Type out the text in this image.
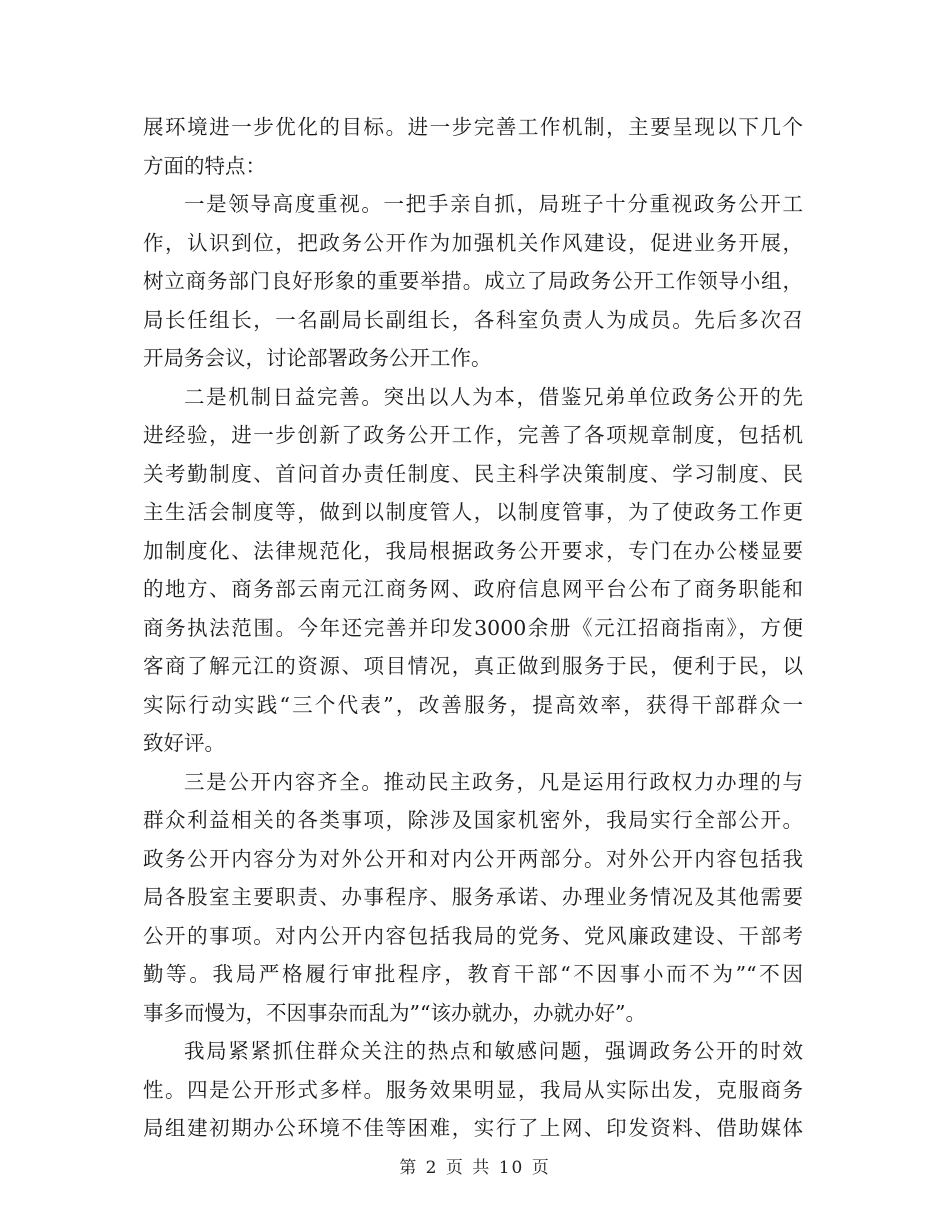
展环境进一步优化的目标。进一步完善工作机制，主要呈现以下几个
方面的特点：
一是领导高度重视。一把手亲自抓，局班子十分重视政务公开工
作，认识到位，把政务公开作为加强机关作风建设，促进业务开展，
树立商务部门良好形象的重要举措。成立了局政务公开工作领导小组，
局长任组长，一名副局长副组长，各科室负责人为成员。先后多次召
开局务会议，讨论部署政务公开工作。
二是机制日益完善。突出以人为本，借鉴兄弟单位政务公开的先
进经验，进一步创新了政务公开工作，完善了各项规章制度，包括机
关考勤制度、首问首办责任制度、民主科学决策制度、学习制度、民
主生活会制度等，做到以制度管人，以制度管事，为了使政务工作更
加制度化、法律规范化，我局根据政务公开要求，专门在办公楼显要
的地方、商务部云南元江商务网、政府信息网平台公布了商务职能和
商务执法范围。今年还完善并印发3000余册《元江招商指南》，方便
客商了解元江的资源、项目情况，真正做到服务于民，便利于民，以
实际行动实践“三个代表”，改善服务，提高效率，获得干部群众一
致好评。
三是公开内容齐全。推动民主政务，凡是运用行政权力办理的与
群众利益相关的各类事项，除涉及国家机密外，我局实行全部公开。
政务公开内容分为对外公开和对内公开两部分。对外公开内容包括我
局各股室主要职责、办事程序、服务承诺、办理业务情况及其他需要
公开的事项。对内公开内容包括我局的党务、党风廉政建设、干部考
勤等。我局严格履行审批程序，教育干部“不因事小而不为”“不因
事多而慢为，不因事杂而乱为”“该办就办，办就办好”。
我局紧紧抓住群众关注的热点和敏感问题，强调政务公开的时效
性。四是公开形式多样。服务效果明显，我局从实际出发，克服商务
局组建初期办公环境不佳等困难，实行了上网、印发资料、借助媒体
第 2 页 共 10 页
